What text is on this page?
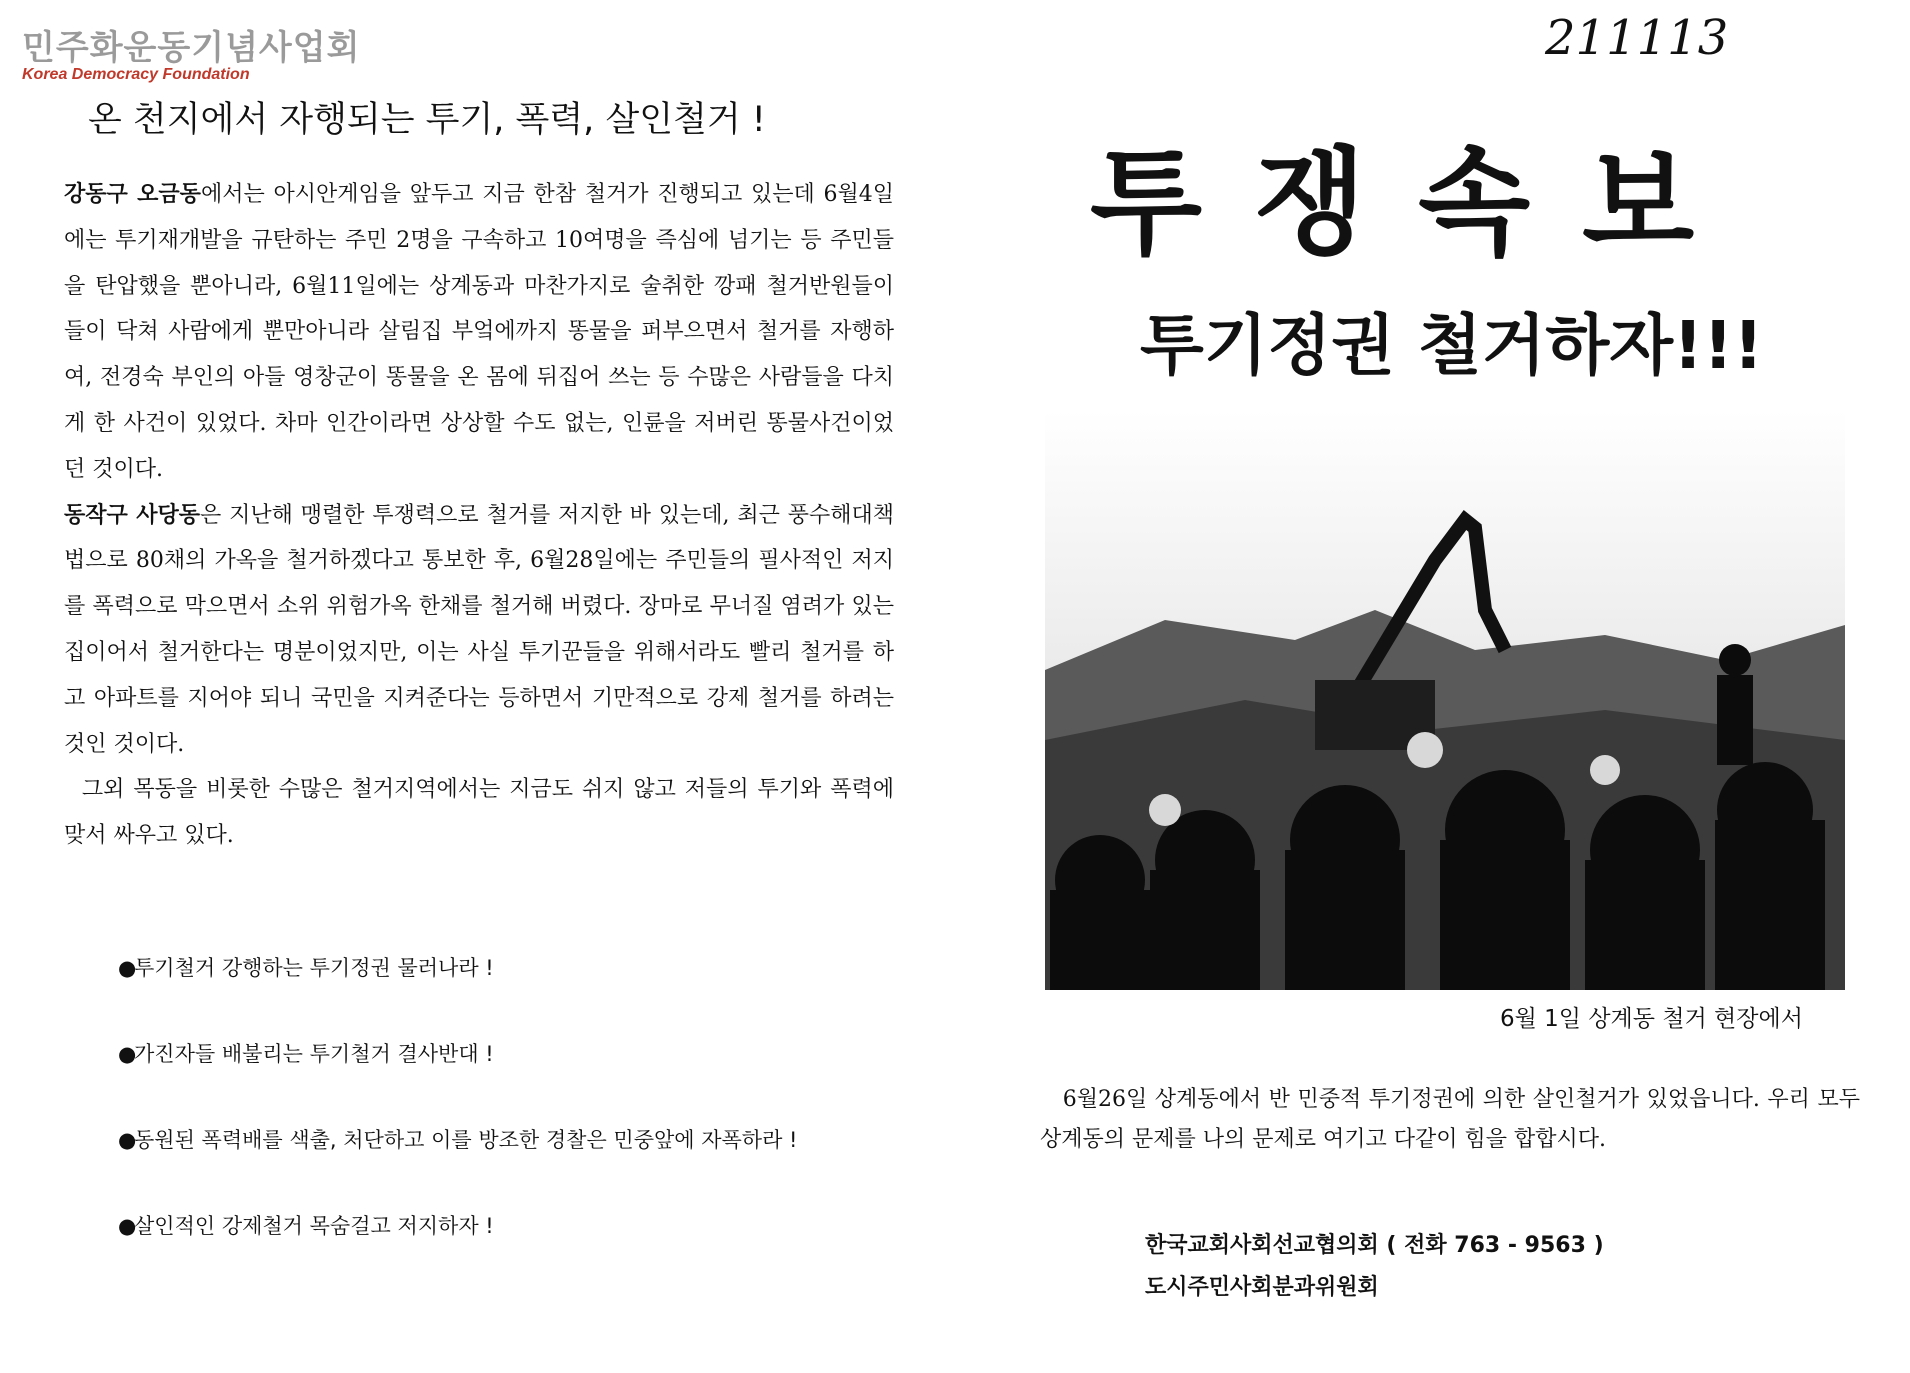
민주화운동기념사업회
Korea Democracy Foundation
211113
온 천지에서 자행되는 투기, 폭력, 살인철거 !

강동구 오금동에서는 아시안게임을 앞두고 지금 한참 철거가 진행되고 있는데 6월4일에는 투기재개발을 규탄하는 주민 2명을 구속하고 10여명을 즉심에 넘기는 등 주민들을 탄압했을 뿐아니라, 6월11일에는 상계동과 마찬가지로 술취한 깡패 철거반원들이 들이 닥쳐 사람에게 뿐만아니라 살림집 부엌에까지 똥물을 퍼부으면서 철거를 자행하여, 전경숙 부인의 아들 영창군이 똥물을 온 몸에 뒤집어 쓰는 등 수많은 사람들을 다치게 한 사건이 있었다. 차마 인간이라면 상상할 수도 없는, 인륜을 저버린 똥물사건이었던 것이다.

동작구 사당동은 지난해 맹렬한 투쟁력으로 철거를 저지한 바 있는데, 최근 풍수해대책법으로 80채의 가옥을 철거하겠다고 통보한 후, 6월28일에는 주민들의 필사적인 저지를 폭력으로 막으면서 소위 위험가옥 한채를 철거해 버렸다. 장마로 무너질 염려가 있는 집이어서 철거한다는 명분이었지만, 이는 사실 투기꾼들을 위해서라도 빨리 철거를 하고 아파트를 지어야 되니 국민을 지켜준다는 등하면서 기만적으로 강제 철거를 하려는 것인 것이다.

그외 목동을 비롯한 수많은 철거지역에서는 지금도 쉬지 않고 저들의 투기와 폭력에 맞서 싸우고 있다.

●
투기철거 강행하는 투기정권 물러나라 !
●
가진자들 배불리는 투기철거 결사반대 !
●
동원된 폭력배를 색출, 처단하고 이를 방조한 경찰은 민중앞에 자폭하라 !
●
살인적인 강제철거 목숨걸고 저지하자 !
투쟁속보
투기정권 철거하자!!!
6월 1일 상계동 철거 현장에서
6월26일 상계동에서 반 민중적 투기정권에 의한 살인철거가 있었읍니다. 우리 모두 상계동의 문제를 나의 문제로 여기고 다같이 힘을 합합시다.
한국교회사회선교협의회 ( 전화 763 - 9563 )
도시주민사회분과위원회
